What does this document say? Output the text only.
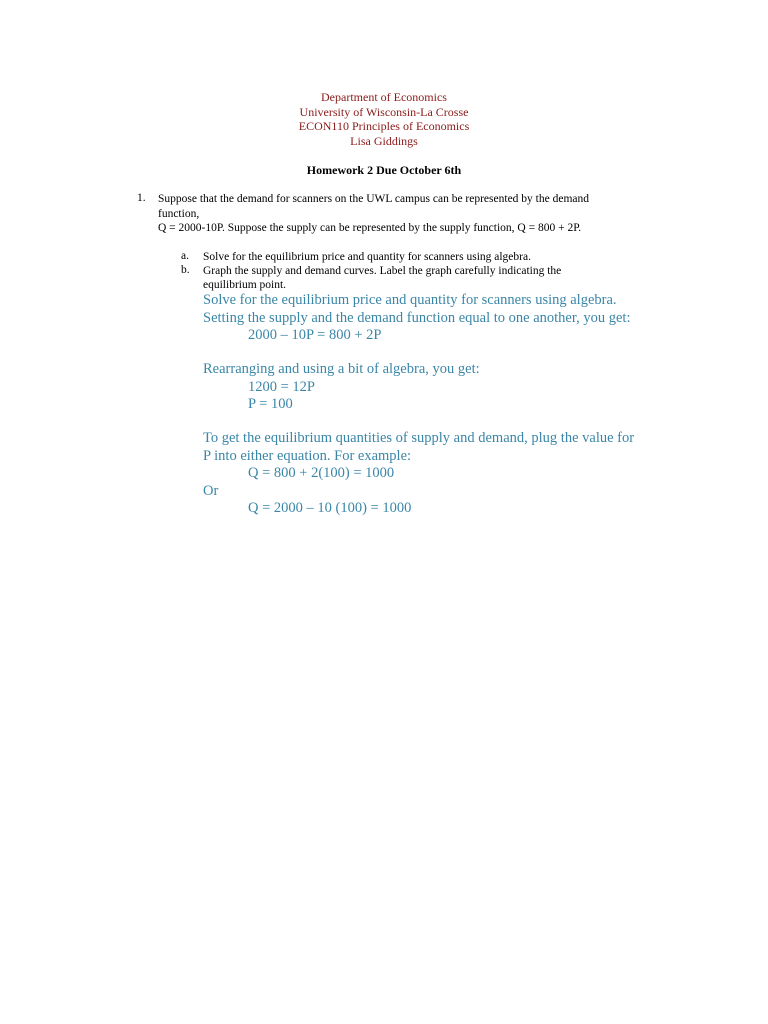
Department of Economics
University of Wisconsin-La Crosse
ECON110 Principles of Economics
Lisa Giddings
Homework 2 Due October 6th
1. Suppose that the demand for scanners on the UWL campus can be represented by the demand
function,
Q = 2000-10P. Suppose the supply can be represented by the supply function, Q = 800 + 2P.
a. Solve for the equilibrium price and quantity for scanners using algebra.
b. Graph the supply and demand curves. Label the graph carefully indicating the
equilibrium point.
Solve for the equilibrium price and quantity for scanners using algebra.
Setting the supply and the demand function equal to one another, you get:
2000 – 10P = 800 + 2P
Rearranging and using a bit of algebra, you get:
1200 = 12P
P = 100
To get the equilibrium quantities of supply and demand, plug the value for
P into either equation. For example:
Q = 800 + 2(100) = 1000
Or
Q = 2000 – 10 (100) = 1000
